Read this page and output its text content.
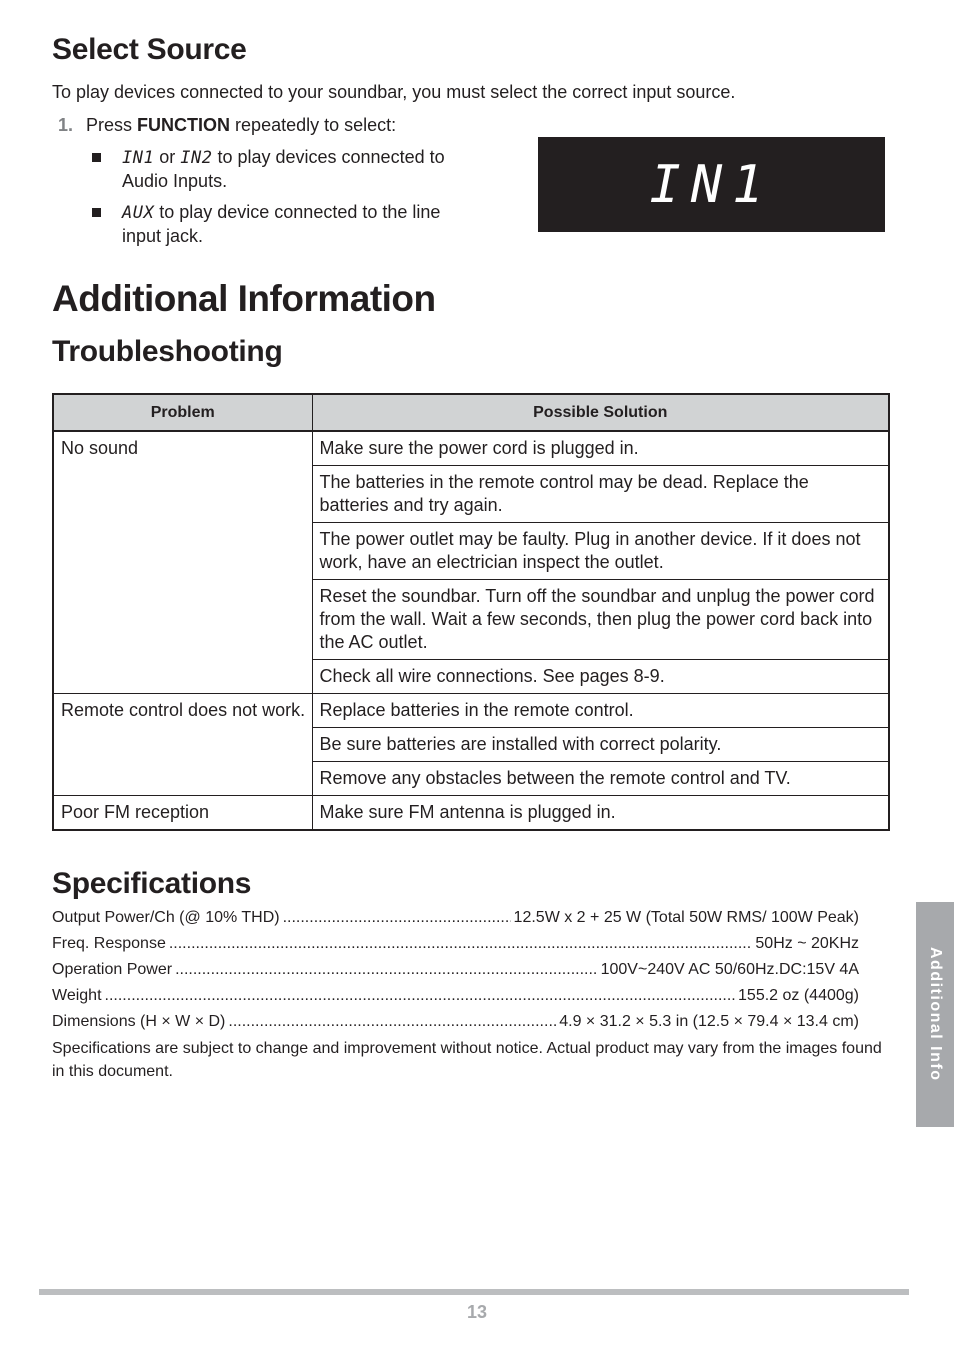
Select Source
To play devices connected to your soundbar, you must select the correct input source.
1. Press FUNCTION repeatedly to select:
IN1 or IN2 to play devices connected to
Audio Inputs.
AUX to play device connected to the line
input jack.
IN1
Additional Information
Troubleshooting
Problem	Possible Solution
No sound	Make sure the power cord is plugged in.
	The batteries in the remote control may be dead. Replace the batteries and try again.
	The power outlet may be faulty. Plug in another device. If it does not work, have an electrician inspect the outlet.
	Reset the soundbar. Turn off the soundbar and unplug the power cord from the wall. Wait a few seconds, then plug the power cord back into the AC outlet.
	Check all wire connections. See pages 8-9.
Remote control does not work.	Replace batteries in the remote control.
	Be sure batteries are installed with correct polarity.
	Remove any obstacles between the remote control and TV.
Poor FM reception	Make sure FM antenna is plugged in.
Specifications
Output Power/Ch (@ 10% THD) .....	12.5W x 2 + 25 W (Total 50W RMS/ 100W Peak)
Freq. Response .....	50Hz ~ 20KHz
Operation Power .....	100V~240V AC 50/60Hz.DC:15V 4A
Weight .....	155.2 oz (4400g)
Dimensions (H × W × D) .....	4.9 × 31.2 × 5.3 in (12.5 × 79.4 × 13.4 cm)
Specifications are subject to change and improvement without notice. Actual product may vary from the images found in this document.	Additional Info
13
